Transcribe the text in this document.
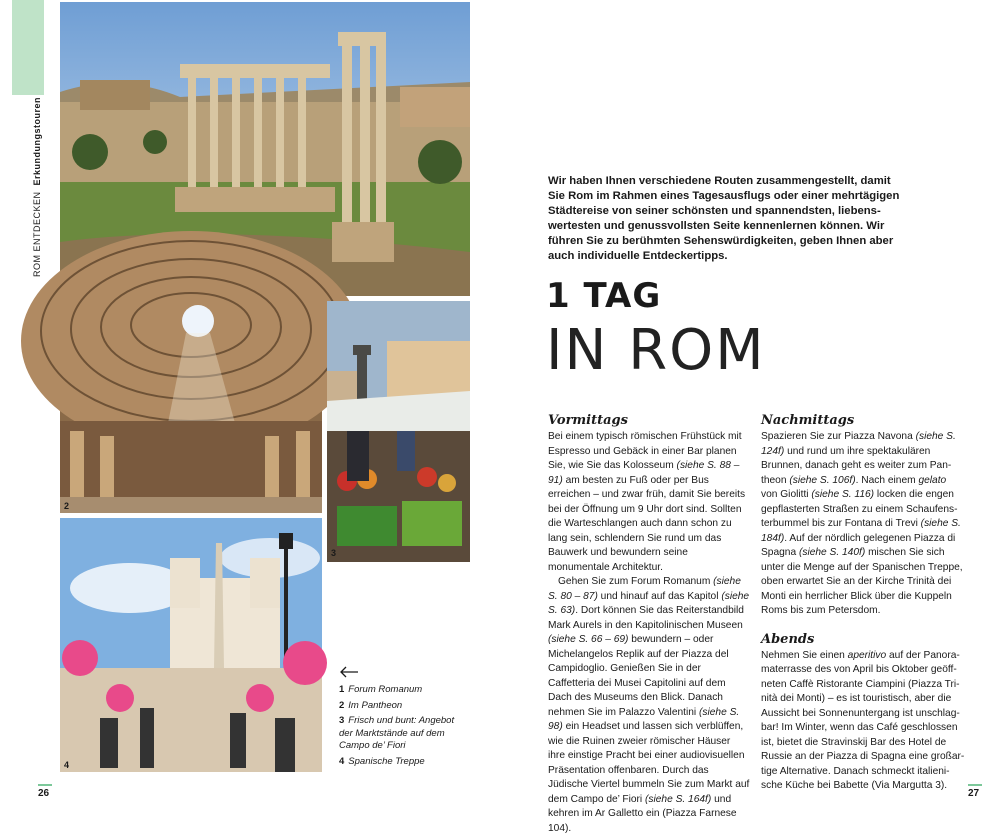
ROM ENTDECKEN Erkundungstouren
2
3
4
1 Forum Romanum
2 Im Pantheon
3 Frisch und bunt: Angebot der Marktstände auf dem Campo de’ Fiori
4 Spanische Treppe
Wir haben Ihnen verschiedene Routen zusammengestellt, damit Sie Rom im Rahmen eines Tagesausflugs oder einer mehrtägigen Städtereise von seiner schönsten und spannendsten, liebenswertesten und genussvollsten Seite kennenlernen können. Wir führen Sie zu berühmten Sehenswürdigkeiten, geben Ihnen aber auch individuelle Entdeckertipps.
1 TAG
IN ROM
Vormittags

Bei einem typisch römischen Frühstück mit Espresso und Gebäck in einer Bar planen Sie, wie Sie das Kolosseum (siehe S. 88 – 91) am besten zu Fuß oder per Bus erreichen – und zwar früh, damit Sie bereits bei der Öffnung um 9 Uhr dort sind. Sollten die Warteschlangen auch dann schon zu lang sein, schlendern Sie rund um das Bauwerk und bewundern seine monumentale Architektur.

Gehen Sie zum Forum Romanum (siehe S. 80 – 87) und hinauf auf das Kapitol (siehe S. 63). Dort können Sie das Reiterstandbild Mark Aurels in den Kapitolinischen Museen (siehe S. 66 – 69) bewundern – oder Michelangelos Replik auf der Piazza del Campidoglio. Genießen Sie in der Caffetteria dei Musei Capitolini auf dem Dach des Museums den Blick. Danach nehmen Sie im Palazzo Valentini (siehe S. 98) ein Headset und lassen sich verblüffen, wie die Ruinen zweier römischer Häuser ihre einstige Pracht bei einer audiovisuellen Präsentation offenbaren. Durch das Jüdische Viertel bummeln Sie zum Markt auf dem Campo de’ Fiori (siehe S. 164f) und kehren im Ar Galletto ein (Piazza Farnese 104).

Nachmittags

Spazieren Sie zur Piazza Navona (siehe S. 124f) und rund um ihre spektakulären Brunnen, danach geht es weiter zum Pantheon (siehe S. 106f). Nach einem gelato von Giolitti (siehe S. 116) locken die engen gepflasterten Straßen zu einem Schaufensterbummel bis zur Fontana di Trevi (siehe S. 184f). Auf der nördlich gelegenen Piazza di Spagna (siehe S. 140f) mischen Sie sich unter die Menge auf der Spanischen Treppe, oben erwartet Sie an der Kirche Trinità dei Monti ein herrlicher Blick über die Kuppeln Roms bis zum Petersdom.

Abends

Nehmen Sie einen aperitivo auf der Panoramaterrasse des von April bis Oktober geöffneten Caffè Ristorante Ciampini (Piazza Trinità dei Monti) – es ist touristisch, aber die Aussicht bei Sonnenuntergang ist unschlagbar! Im Winter, wenn das Café geschlossen ist, bietet die Stravinskij Bar des Hotel de Russie an der Piazza di Spagna eine großartige Alternative. Danach schmeckt italienische Küche bei Babette (Via Margutta 3).

26	27
